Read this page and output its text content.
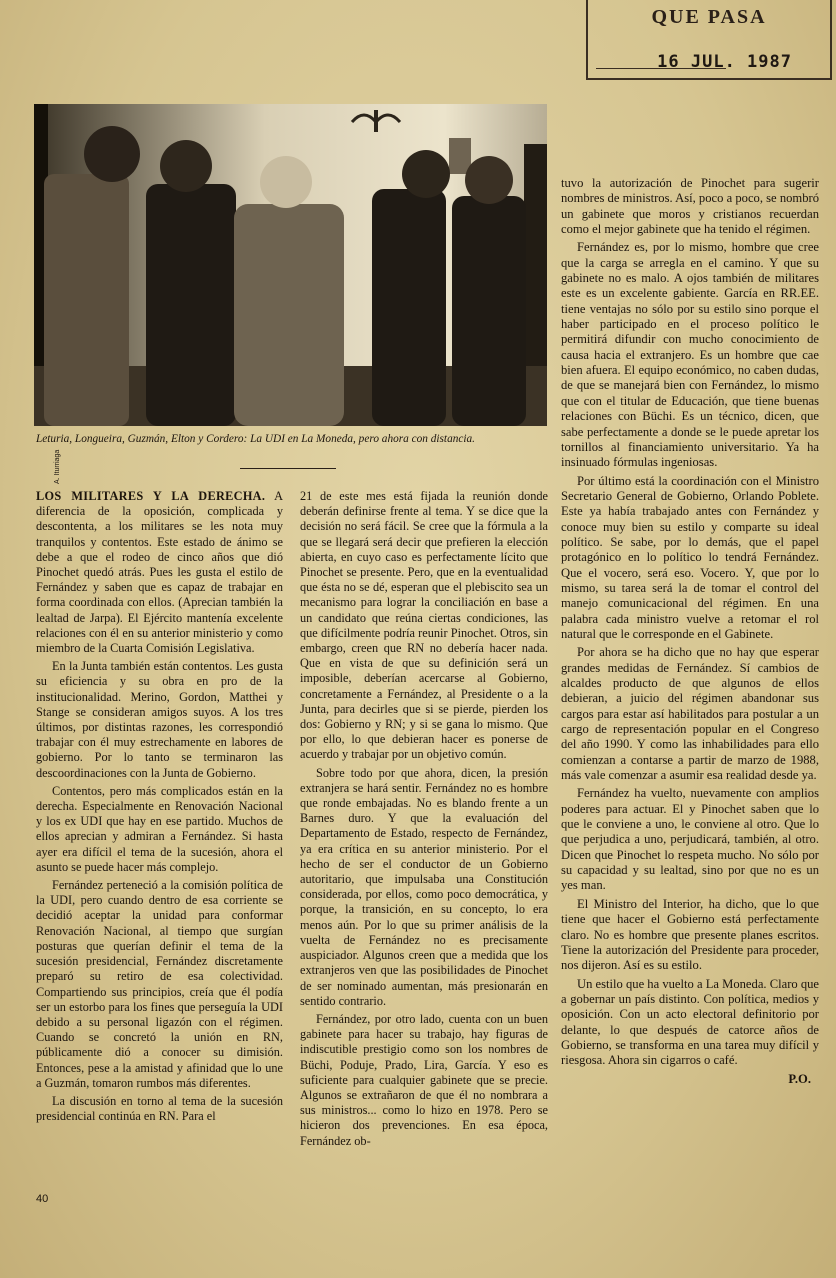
QUE PASA
16 JUL. 1987
A. Iturriaga
Leturia, Longueira, Guzmán, Elton y Cordero: La UDI en La Moneda, pero ahora con distancia.

LOS MILITARES Y LA DERECHA. A diferencia de la oposición, complicada y descontenta, a los militares se les nota muy tranquilos y contentos. Este estado de ánimo se debe a que el rodeo de cinco años que dió Pinochet quedó atrás. Pues les gusta el estilo de Fernández y saben que es capaz de trabajar en forma coordinada con ellos. (Aprecian también la lealtad de Jarpa). El Ejército mantenía excelente relaciones con él en su anterior ministerio y como miembro de la Cuarta Comisión Legislativa.

En la Junta también están contentos. Les gusta su eficiencia y su obra en pro de la institucionalidad. Merino, Gordon, Matthei y Stange se consideran amigos suyos. A los tres últimos, por distintas razones, les correspondió trabajar con él muy estrechamente en labores de gobierno. Por lo tanto se terminaron las descoordinaciones con la Junta de Gobierno.

Contentos, pero más complicados están en la derecha. Especialmente en Renovación Nacional y los ex UDI que hay en ese partido. Muchos de ellos aprecian y admiran a Fernández. Si hasta ayer era difícil el tema de la sucesión, ahora el asunto se puede hacer más complejo.

Fernández perteneció a la comisión política de la UDI, pero cuando dentro de esa corriente se decidió aceptar la unidad para conformar Renovación Nacional, al tiempo que surgían posturas que querían definir el tema de la sucesión presidencial, Fernández discretamente preparó su retiro de esa colectividad. Compartiendo sus principios, creía que él podía ser un estorbo para los fines que perseguía la UDI debido a su personal ligazón con el régimen. Cuando se concretó la unión en RN, públicamente dió a conocer su dimisión. Entonces, pese a la amistad y afinidad que lo une a Guzmán, tomaron rumbos más diferentes.

La discusión en torno al tema de la sucesión presidencial continúa en RN. Para el

21 de este mes está fijada la reunión donde deberán definirse frente al tema. Y se dice que la decisión no será fácil. Se cree que la fórmula a la que se llegará será decir que prefieren la elección abierta, en cuyo caso es perfectamente lícito que Pinochet se presente. Pero, que en la eventualidad que ésta no se dé, esperan que el plebiscito sea un mecanismo para lograr la conciliación en base a un candidato que reúna ciertas condiciones, las que difícilmente podría reunir Pinochet. Otros, sin embargo, creen que RN no debería hacer nada. Que en vista de que su definición será un imposible, deberían acercarse al Gobierno, concretamente a Fernández, al Presidente o a la Junta, para decirles que si se pierde, pierden los dos: Gobierno y RN; y si se gana lo mismo. Que por ello, lo que debieran hacer es ponerse de acuerdo y trabajar por un objetivo común.

Sobre todo por que ahora, dicen, la presión extranjera se hará sentir. Fernández no es hombre que ronde embajadas. No es blando frente a un Barnes duro. Y que la evaluación del Departamento de Estado, respecto de Fernández, ya era crítica en su anterior ministerio. Por el hecho de ser el conductor de un Gobierno autoritario, que impulsaba una Constitución considerada, por ellos, como poco democrática, y porque, la transición, en su concepto, lo era menos aún. Por lo que su primer análisis de la vuelta de Fernández no es precisamente auspiciador. Algunos creen que a medida que los extranjeros ven que las posibilidades de Pinochet de ser nominado aumentan, más presionarán en sentido contrario.

Fernández, por otro lado, cuenta con un buen gabinete para hacer su trabajo, hay figuras de indiscutible prestigio como son los nombres de Büchi, Poduje, Prado, Lira, García. Y eso es suficiente para cualquier gabinete que se precie. Algunos se extrañaron de que él no nombrara a sus ministros... como lo hizo en 1978. Pero se hicieron dos prevenciones. En esa época, Fernández ob-

tuvo la autorización de Pinochet para sugerir nombres de ministros. Así, poco a poco, se nombró un gabinete que moros y cristianos recuerdan como el mejor gabinete que ha tenido el régimen.

Fernández es, por lo mismo, hombre que cree que la carga se arregla en el camino. Y que su gabinete no es malo. A ojos también de militares este es un excelente gabiente. García en RR.EE. tiene ventajas no sólo por su estilo sino porque el haber participado en el proceso político le permitirá difundir con mucho conocimiento de causa hacia el extranjero. Es un hombre que cae bien afuera. El equipo económico, no caben dudas, de que se manejará bien con Fernández, lo mismo que con el titular de Educación, que tiene buenas relaciones con Büchi. Es un técnico, dicen, que sabe perfectamente a donde se le puede apretar los tornillos al financiamiento universitario. Ya ha insinuado fórmulas ingeniosas.

Por último está la coordinación con el Ministro Secretario General de Gobierno, Orlando Poblete. Este ya había trabajado antes con Fernández y conoce muy bien su estilo y comparte su ideal político. Se sabe, por lo demás, que el papel protagónico en lo político lo tendrá Fernández. Que el vocero, será eso. Vocero. Y, que por lo mismo, su tarea será la de tomar el control del manejo comunicacional del régimen. En una palabra cada ministro vuelve a retomar el rol natural que le corresponde en el Gabinete.

Por ahora se ha dicho que no hay que esperar grandes medidas de Fernández. Sí cambios de alcaldes producto de que algunos de ellos debieran, a juicio del régimen abandonar sus cargos para estar así habilitados para postular a un cargo de representación popular en el Congreso del año 1990. Y como las inhabilidades para ello comienzan a contarse a partir de marzo de 1988, más vale comenzar a asumir esa realidad desde ya.

Fernández ha vuelto, nuevamente con amplios poderes para actuar. El y Pinochet saben que lo que le conviene a uno, le conviene al otro. Que lo que perjudica a uno, perjudicará, también, al otro. Dicen que Pinochet lo respeta mucho. No sólo por su capacidad y su lealtad, sino por que no es un yes man.

El Ministro del Interior, ha dicho, que lo que tiene que hacer el Gobierno está perfectamente claro. No es hombre que presente planes escritos. Tiene la autorización del Presidente para proceder, nos dijeron. Así es su estilo.

Un estilo que ha vuelto a La Moneda. Claro que a gobernar un país distinto. Con política, medios y oposición. Con un acto electoral definitorio por delante, lo que después de catorce años de Gobierno, se transforma en una tarea muy difícil y riesgosa. Ahora sin cigarros o café.

P.O.
40
